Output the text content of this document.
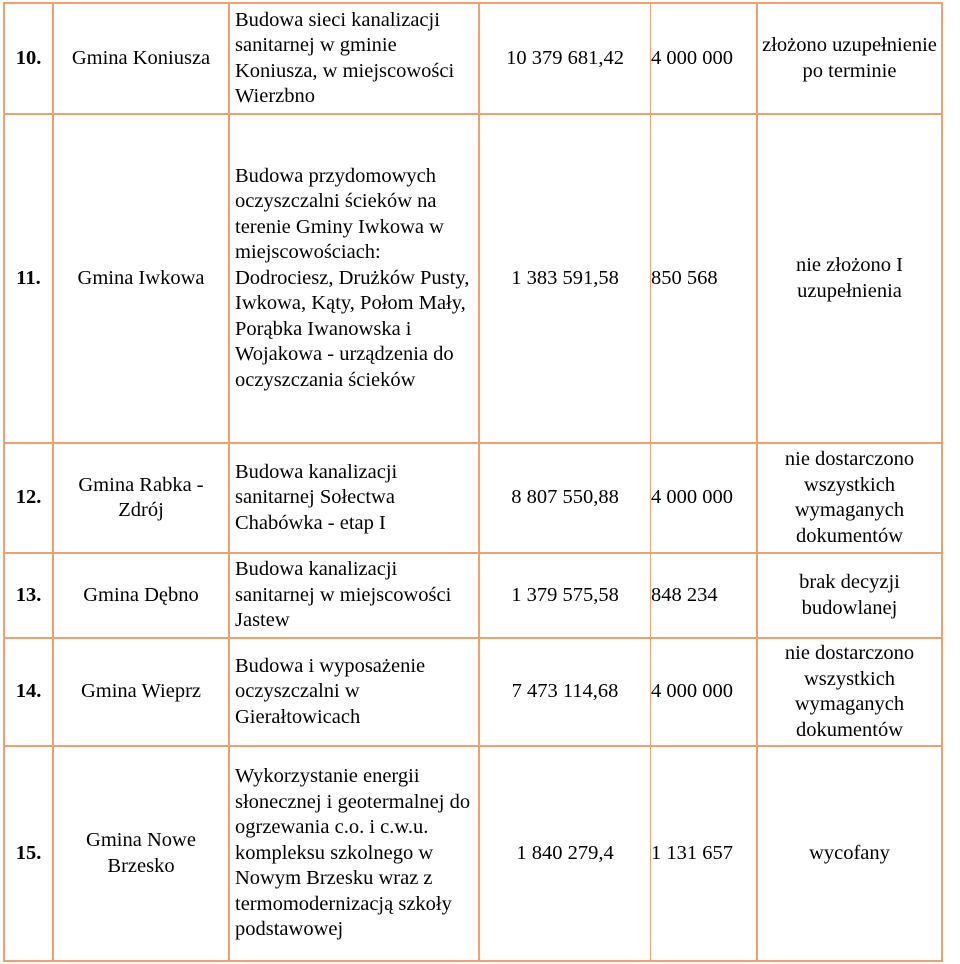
10.	Gmina Koniusza	Budowa sieci kanalizacji sanitarnej w gminie Koniusza, w miejscowości Wierzbno	10 379 681,42	4 000 000	złożono uzupełnienie po terminie
11.	Gmina Iwkowa	Budowa przydomowych oczyszczalni ścieków na terenie Gminy Iwkowa w miejscowościach: Dodrociesz, Drużków Pusty, Iwkowa, Kąty, Połom Mały, Porąbka Iwanowska i Wojakowa - urządzenia do oczyszczania ścieków	1 383 591,58	850 568	nie złożono I uzupełnienia
12.	Gmina Rabka - Zdrój	Budowa kanalizacji sanitarnej Sołectwa Chabówka - etap I	8 807 550,88	4 000 000	nie dostarczono wszystkich wymaganych dokumentów
13.	Gmina Dębno	Budowa kanalizacji sanitarnej w miejscowości Jastew	1 379 575,58	848 234	brak decyzji budowlanej
14.	Gmina Wieprz	Budowa i wyposażenie oczyszczalni w Gierałtowicach	7 473 114,68	4 000 000	nie dostarczono wszystkich wymaganych dokumentów
15.	Gmina Nowe Brzesko	Wykorzystanie energii słonecznej i geotermalnej do ogrzewania c.o. i c.w.u. kompleksu szkolnego w Nowym Brzesku wraz z termomodernizacją szkoły podstawowej	1 840 279,4	1 131 657	wycofany
